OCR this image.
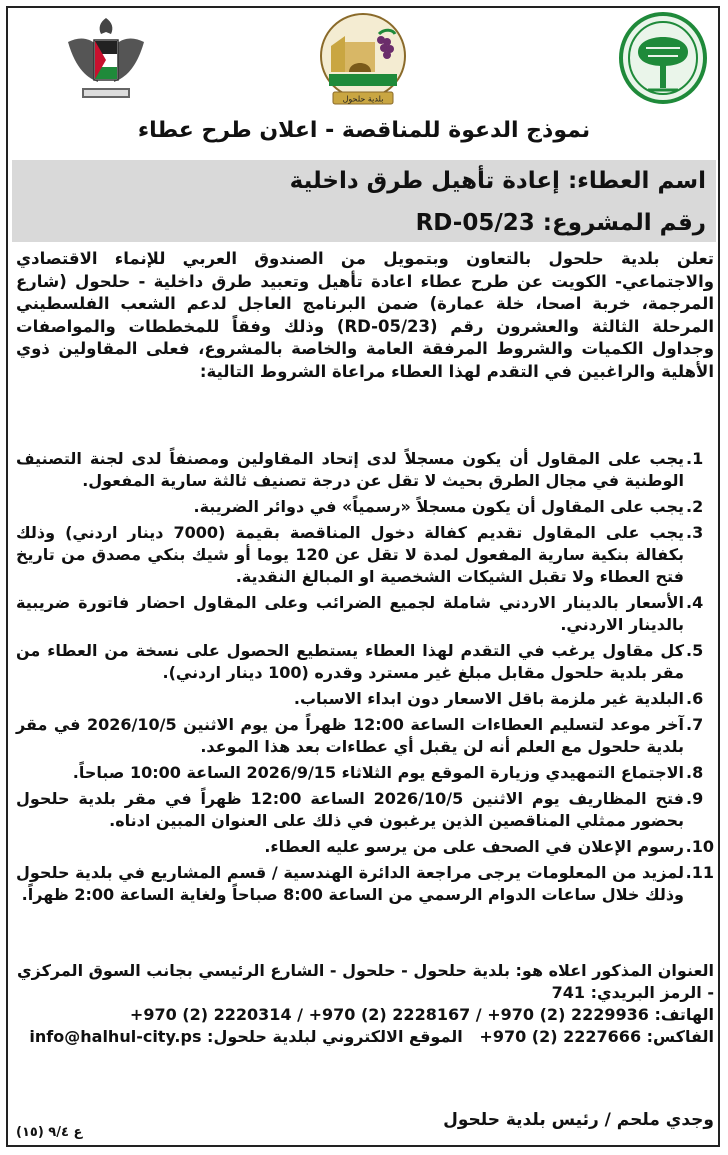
بلدية حلحول
نموذج الدعوة للمناقصة - اعلان طرح عطاء
اسم العطاء: إعادة تأهيل طرق داخلية
رقم المشروع: 23/RD-05
تعلن بلدية حلحول بالتعاون وبتمويل من الصندوق العربي للإنماء الاقتصادي والاجتماعي- الكويت عن طرح عطاء اعادة تأهيل وتعبيد طرق داخلية - حلحول (شارع المرجمة، خربة اصحا، خلة عمارة) ضمن البرنامج العاجل لدعم الشعب الفلسطيني المرحلة الثالثة والعشرون رقم (23/RD-05) وذلك وفقاً للمخططات والمواصفات وجداول الكميات والشروط المرفقة العامة والخاصة بالمشروع، فعلى المقاولين ذوي الأهلية والراغبين في التقدم لهذا العطاء مراعاة الشروط التالية:
1.
يجب على المقاول أن يكون مسجلاً لدى إتحاد المقاولين ومصنفاً لدى لجنة التصنيف الوطنية في مجال الطرق بحيث لا تقل عن درجة تصنيف ثالثة سارية المفعول.
2.
يجب على المقاول أن يكون مسجلاً «رسمياً» في دوائر الضريبة.
3.
يجب على المقاول تقديم كفالة دخول المناقصة بقيمة (7000 دينار اردني) وذلك بكفالة بنكية سارية المفعول لمدة لا تقل عن 120 يوما أو شيك بنكي مصدق من تاريخ فتح العطاء ولا تقبل الشيكات الشخصية او المبالغ النقدية.
4.
الأسعار بالدينار الاردني شاملة لجميع الضرائب وعلى المقاول احضار فاتورة ضريبية بالدينار الاردني.
5.
كل مقاول يرغب في التقدم لهذا العطاء يستطيع الحصول على نسخة من العطاء من مقر بلدية حلحول مقابل مبلغ غير مسترد وقدره (100 دينار اردني).
6.
البلدية غير ملزمة باقل الاسعار دون ابداء الاسباب.
7.
آخر موعد لتسليم العطاءات الساعة 12:00 ظهراً من يوم الاثنين 2026/10/5 في مقر بلدية حلحول مع العلم أنه لن يقبل أي عطاءات بعد هذا الموعد.
8.
الاجتماع التمهيدي وزيارة الموقع يوم الثلاثاء 2026/9/15 الساعة 10:00 صباحاً.
9.
فتح المظاريف يوم الاثنين 2026/10/5 الساعة 12:00 ظهراً في مقر بلدية حلحول بحضور ممثلي المناقصين الذين يرغبون في ذلك على العنوان المبين ادناه.
10.
رسوم الإعلان في الصحف على من يرسو عليه العطاء.
11.
لمزيد من المعلومات يرجى مراجعة الدائرة الهندسية / قسم المشاريع في بلدية حلحول وذلك خلال ساعات الدوام الرسمي من الساعة 8:00 صباحاً ولغاية الساعة 2:00 ظهراً.
العنوان المذكور اعلاه هو: بلدية حلحول - حلحول - الشارع الرئيسي بجانب السوق المركزي - الرمز البريدي: 741
الهاتف: 2229936 (2) 970+ / 2228167 (2) 970+ / 2220314 (2) 970+
الفاكس: 2227666 (2) 970+   الموقع الالكتروني لبلدية حلحول: info@halhul-city.ps
وجدي ملحم / رئيس بلدية حلحول
ع ٩/٤ (١٥)
